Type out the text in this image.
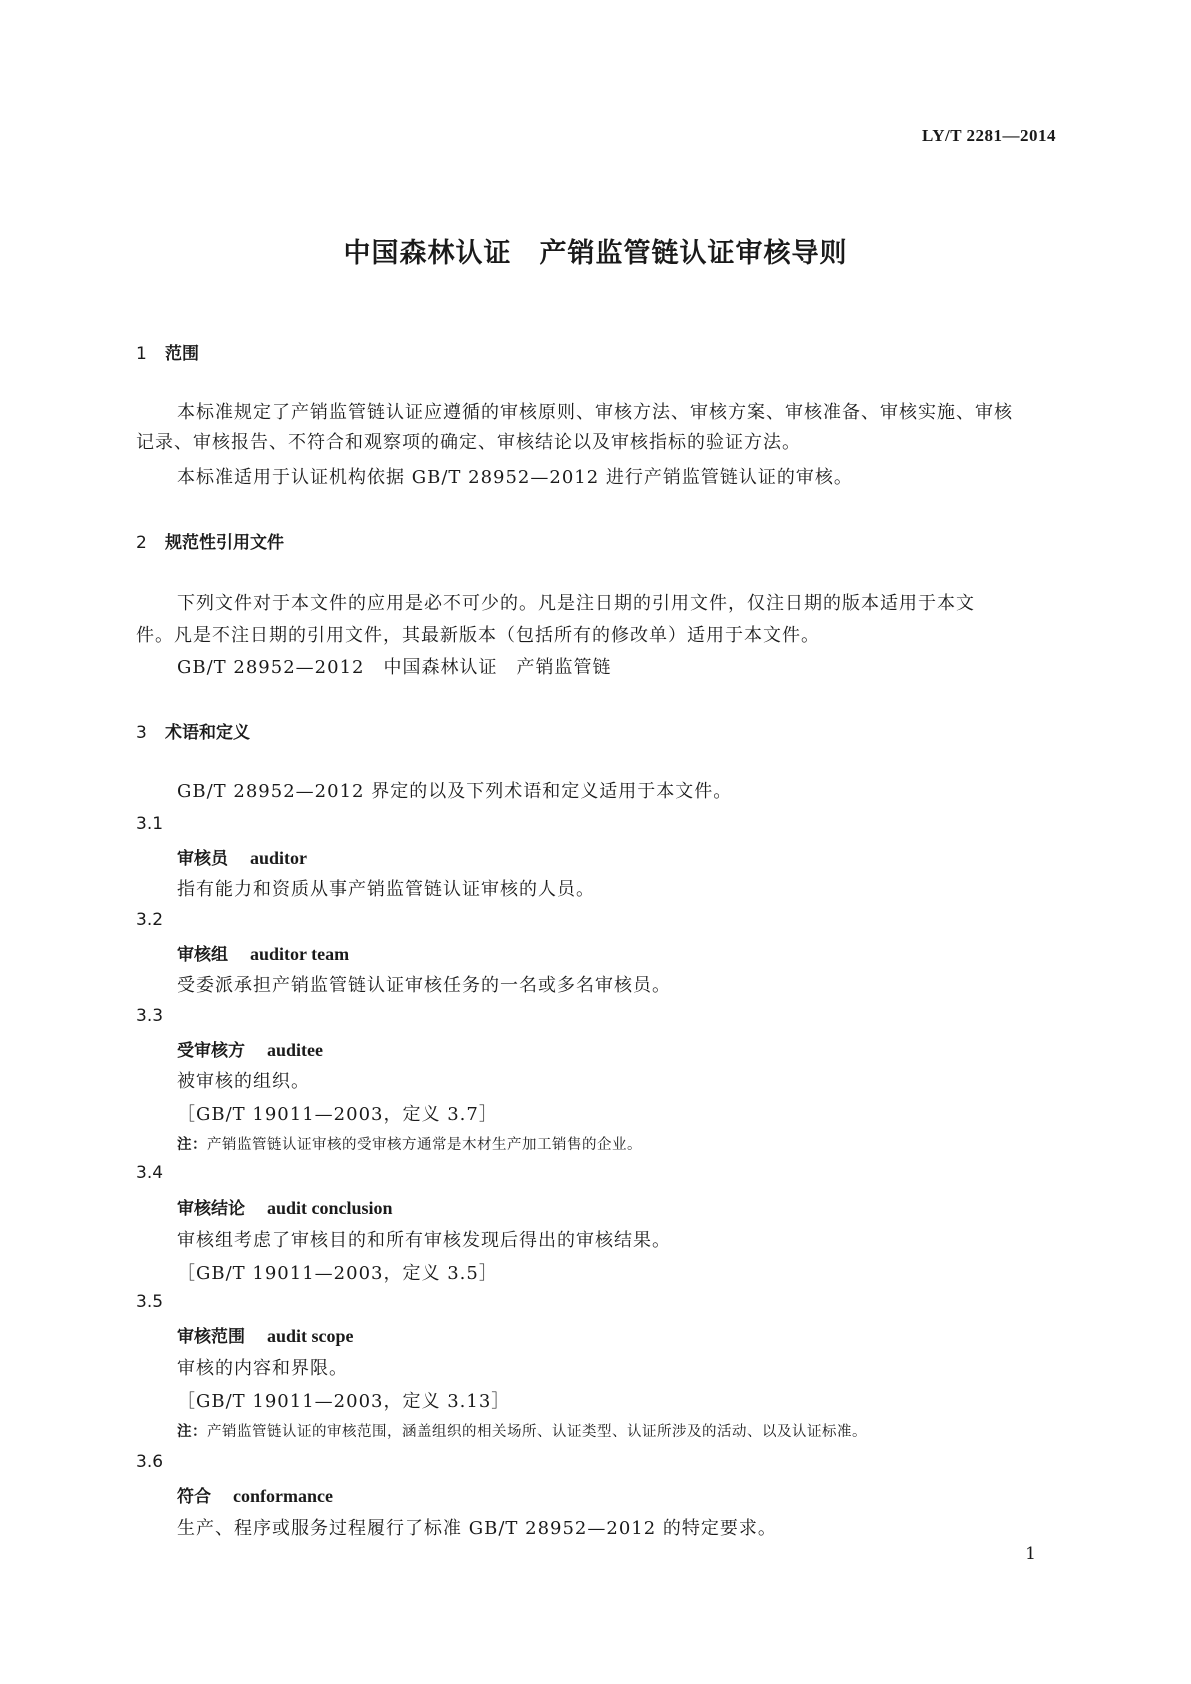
LY/T 2281—2014
中国森林认证　产销监管链认证审核导则
1 范围
本标准规定了产销监管链认证应遵循的审核原则、审核方法、审核方案、审核准备、审核实施、审核
记录、审核报告、不符合和观察项的确定、审核结论以及审核指标的验证方法。
本标准适用于认证机构依据 GB/T 28952—2012 进行产销监管链认证的审核。
2 规范性引用文件
下列文件对于本文件的应用是必不可少的。凡是注日期的引用文件，仅注日期的版本适用于本文
件。凡是不注日期的引用文件，其最新版本（包括所有的修改单）适用于本文件。
GB/T 28952—2012　中国森林认证　产销监管链
3 术语和定义
GB/T 28952—2012 界定的以及下列术语和定义适用于本文件。
3.1
审核员 auditor
指有能力和资质从事产销监管链认证审核的人员。
3.2
审核组 auditor team
受委派承担产销监管链认证审核任务的一名或多名审核员。
3.3
受审核方 auditee
被审核的组织。
［GB/T 19011—2003，定义 3.7］
注：产销监管链认证审核的受审核方通常是木材生产加工销售的企业。
3.4
审核结论 audit conclusion
审核组考虑了审核目的和所有审核发现后得出的审核结果。
［GB/T 19011—2003，定义 3.5］
3.5
审核范围 audit scope
审核的内容和界限。
［GB/T 19011—2003，定义 3.13］
注：产销监管链认证的审核范围，涵盖组织的相关场所、认证类型、认证所涉及的活动、以及认证标准。
3.6
符合 conformance
生产、程序或服务过程履行了标准 GB/T 28952—2012 的特定要求。
1
